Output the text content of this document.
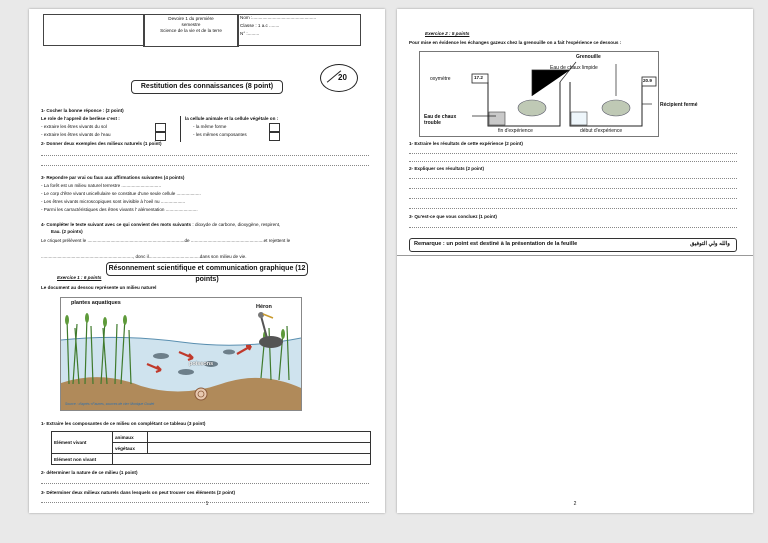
Devoire 1 du première
semestre
Science de la vie et de la terre
Nom :..................................................
Classe : 1 a.c ........
N° :.........
20
Restitution des connaissances (8 point)
1- Cocher la bonne réponce : (2 point)
Le role de l'appreil de berlèse c'est :
- extraire les êtres vivants du sol
- extraire les êtres vivants de l'eau
la cellule animale et la cellule végétale on :
- la même forme
- les mêmes composantes
2- Donner deux exemples des milieux naturels (1 point)
3- Repondre par vrai ou faux aux affirmations suivantes (4 points)
- La forêt est un milieu naturel terrestre ...............................
- Le corp d'être vivant unicellulaire se constitue d'une seule cellule ...................
- Les êtres vivants microscopiques sont invisible à l'oeil nu ...................
- Parmi les carractéristiques des êtres vivants l' alémentation .........................
4- Compléter le texte suivant avec ce qui convient des mots suivants : dioxyde de carbone, dioxygène, respirent,
Eau. (2 points)
Le criquet prélèvent le ............................................................................de .........................................................et rejettent le
........................................................................, donc il........................................dans son milieu de vie.
Résonnement scientifique et communication graphique (12 points)
Exercice 1 : 6 points
Le document au dessou représente un milieu naturel
plantes aquatiques
Héron
poissons
Source : d'après «Faunes, sources de vie» Monique Goulet
1- Extraire les composantes de ce milieu on complétant ce tableau (3 point)
Elément vivant	animaux	
	végétaux	
Elément non vivant		
2- déterminer la nature de ce milieu (1 point)
3- Déterminer deux milieux naturels dans lesquels on peut trouver ces éléments (2 point)
1
Exercice 2 : 5 points
Pour mise en évidence les échanges gazeux chez la grenouille on a fait l'expérience ce dessous :
Grenouille
Eau de chaux limpide
oxymètre	17.2
20.9
Récipient fermé
Eau de chaux trouble
fin d'expérience	début d'expérience
1- Extraire les résultats de cette expérience (2 point)
2- Expliquer ces résultats (2 point)
3- Qu'est-ce que vous concluez (1 point)
Remarque : un point est destiné à la présentation de la feuille	والله ولي التوفيق
2
